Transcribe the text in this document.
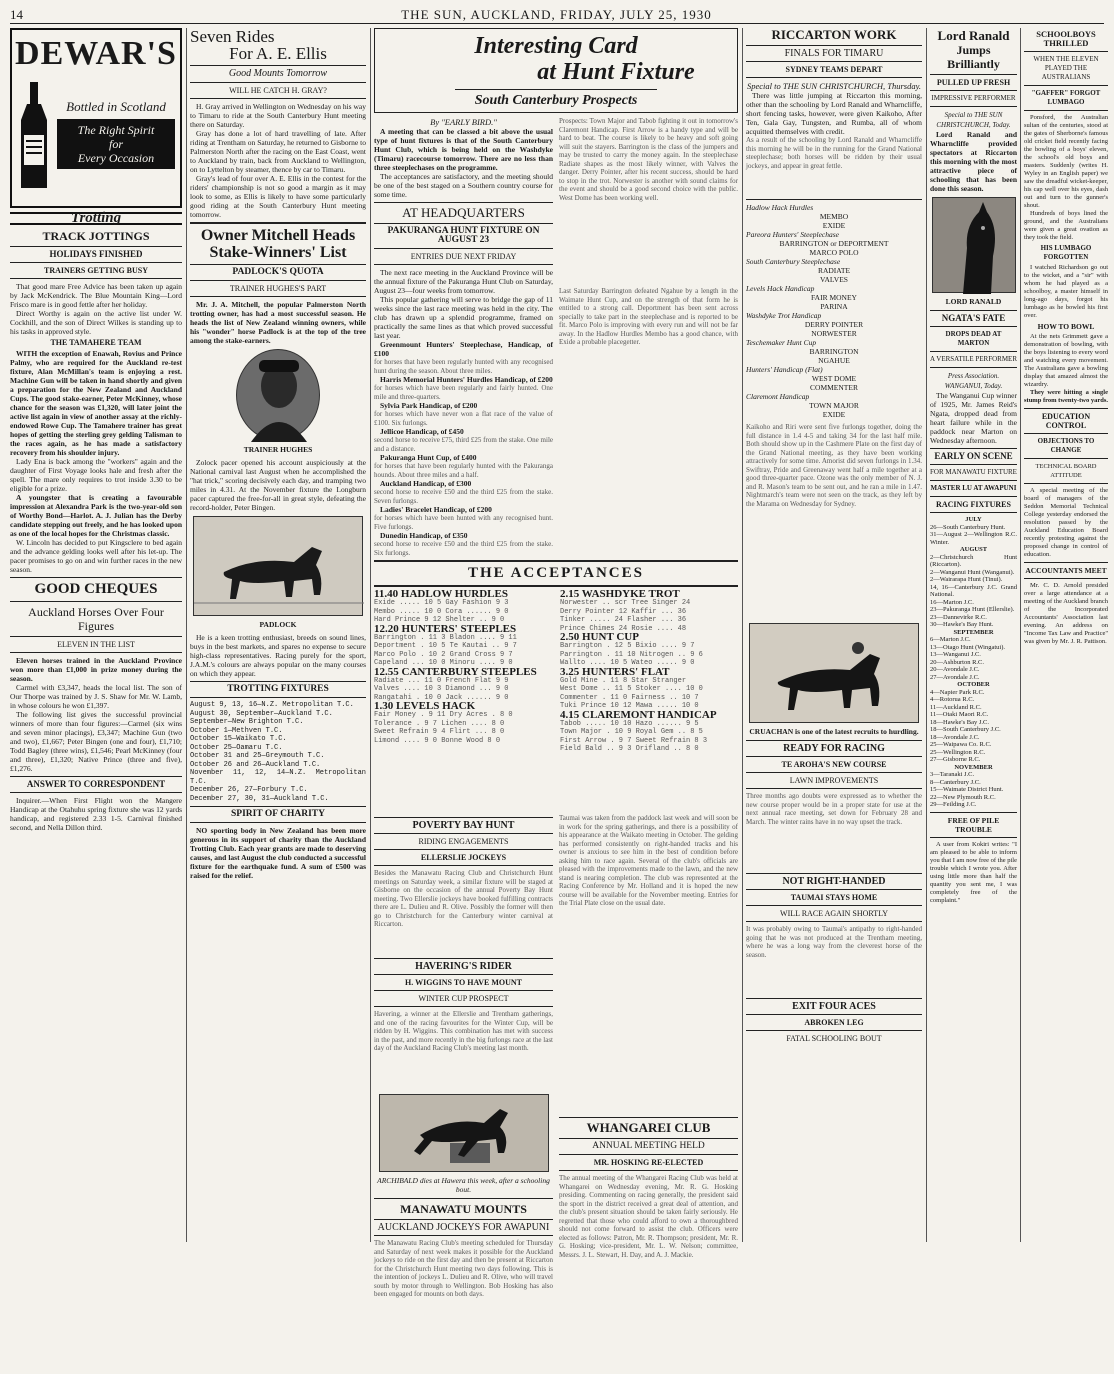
14	THE SUN, AUCKLAND, FRIDAY, JULY 25, 1930
DEWAR'S
Bottled in Scotland
The Right Spirit
for
Every Occasion
Trotting
TRACK JOTTINGS
HOLIDAYS FINISHED
TRAINERS GETTING BUSY

That good mare Free Advice has been taken up again by Jack McKendrick. The Blue Mountain King—Lord Frisco mare is in good fettle after her holiday.

Direct Worthy is again on the active list under W. Cockhill, and the son of Direct Wilkes is standing up to his tasks in approved style.

THE TAMAHERE TEAM

WITH the exception of Enawah, Rovius and Prince Palmy, who are required for the Auckland re-test fixture, Alan McMillan's team is enjoying a rest. Machine Gun will be taken in hand shortly and given a preparation for the New Zealand and Auckland Cups. The good stake-earner, Peter McKinney, whose chance for the season was £1,320, will later joint the active list again in view of another assay at the richly-endowed Rowe Cup. The Tamahere trainer has great hopes of getting the sterling grey gelding Talisman to the races again, as he has made a satisfactory recovery from his shoulder injury.

Lady Ena is back among the "workers" again and the daughter of First Voyage looks hale and fresh after the spell. The mare only requires to trot inside 3.30 to be eligible for a prize.

A youngster that is creating a favourable impression at Alexandra Park is the two-year-old son of Worthy Bond—Harlot. A. J. Julian has the Derby candidate stepping out freely, and he has looked upon as one of the local hopes for the Christmas classic.

W. Lincoln has decided to put Kingsclere to bed again and the advance gelding looks well after his let-up. The pacer promises to go on and win further races in the new season.

GOOD CHEQUES
Auckland Horses Over Four Figures
ELEVEN IN THE LIST

Eleven horses trained in the Auckland Province won more than £1,000 in prize money during the season.

Carmel with £3,347, heads the local list. The son of Our Thorpe was trained by J. S. Shaw for Mr. W. Lamb, in whose colours he won £1,397.

The following list gives the successful provincial winners of more than four figures:—Carmel (six wins and seven minor placings), £3,347; Machine Gun (two and two), £1,667; Peter Bingen (one and four), £1,710; Todd Bagley (three wins), £1,546; Pearl McKinney (four and three), £1,320; Native Prince (three and five), £1,276.

ANSWER TO CORRESPONDENT

Inquirer.—When First Flight won the Mangere Handicap at the Otahuhu spring fixture she was 12 yards handicap, and registered 2.33 1-5. Carnival finished second, and Nella Dillon third.

Seven Rides
For A. E. Ellis
Good Mounts Tomorrow
WILL HE CATCH H. GRAY?

H. Gray arrived in Wellington on Wednesday on his way to Timaru to ride at the South Canterbury Hunt meeting there on Saturday.

Gray has done a lot of hard travelling of late. After riding at Trentham on Saturday, he returned to Gisborne to Palmerston North after the racing on the East Coast, went to Auckland by train, back from Auckland to Wellington, on to Lyttelton by steamer, thence by car to Timaru.

Gray's lead of four over A. E. Ellis in the contest for the riders' championship is not so good a margin as it may look to some, as Ellis is likely to have some particularly good riding at the South Canterbury Hunt meeting tomorrow.

Owner Mitchell Heads Stake-Winners' List
PADLOCK'S QUOTA
TRAINER HUGHES'S PART

Mr. J. A. Mitchell, the popular Palmerston North trotting owner, has had a most successful season. He heads the list of New Zealand winning owners, while his "wonder" horse Padlock is at the top of the tree among the stake-earners.

TRAINER HUGHES

Zolock pacer opened his account auspiciously at the National carnival last August when he accomplished the "hat trick," scoring decisively each day, and tramping two miles in 4.31. At the November fixture the Longburn pacer captured the free-for-all in great style, defeating the record-holder, Peter Bingen.

PADLOCK

He is a keen trotting enthusiast, breeds on sound lines, buys in the best markets, and spares no expense to secure high-class representatives. Racing purely for the sport, J.A.M.'s colours are always popular on the many courses on which they appear.

TROTTING FIXTURES
August 9, 13, 16—N.Z. Metropolitan T.C.
August 30, September—Auckland T.C.
September—New Brighton T.C.
October 1—Methven T.C.
October 15—Waikato T.C.
October 25—Oamaru T.C.
October 31 and 25—Greymouth T.C.
October 26 and 26—Auckland T.C.
November 11, 12, 14—N.Z. Metropolitan T.C.
December 26, 27—Forbury T.C.
December 27, 30, 31—Auckland T.C.
SPIRIT OF CHARITY

NO sporting body in New Zealand has been more generous in its support of charity than the Auckland Trotting Club. Each year grants are made to deserving causes, and last August the club conducted a successful fixture for the earthquake fund. A sum of £500 was raised for the relief.

Interesting Card
at Hunt Fixture
South Canterbury Prospects
By "EARLY BIRD."

A meeting that can be classed a bit above the usual type of hunt fixtures is that of the South Canterbury Hunt Club, which is being held on the Washdyke (Timaru) racecourse tomorrow. There are no less than three steeplechases on the programme.

The acceptances are satisfactory, and the meeting should be one of the best staged on a Southern country course for some time.

AT HEADQUARTERS
PAKURANGA HUNT FIXTURE ON AUGUST 23
ENTRIES DUE NEXT FRIDAY

The next race meeting in the Auckland Province will be the annual fixture of the Pakuranga Hunt Club on Saturday, August 23—four weeks from tomorrow.

This popular gathering will serve to bridge the gap of 11 weeks since the last race meeting was held in the city. The club has drawn up a splendid programme, framed on practically the same lines as that which proved successful last year.

Greenmount Hunters' Steeplechase, Handicap, of £100

for horses that have been regularly hunted with any recognised hunt during the season. About three miles.

Harris Memorial Hunters' Hurdles Handicap, of £200

for horses which have been regularly and fairly hunted. One mile and three-quarters.

Sylvia Park Handicap, of £200

for horses which have never won a flat race of the value of £100. Six furlongs.

Jellicoe Handicap, of £450

second horse to receive £75, third £25 from the stake. One mile and a distance.

Pakuranga Hunt Cup, of £400

for horses that have been regularly hunted with the Pakuranga hounds. About three miles and a half.

Auckland Handicap, of £300

second horse to receive £50 and the third £25 from the stake. Seven furlongs.

Ladies' Bracelet Handicap, of £200

for horses which have been hunted with any recognised hunt. Five furlongs.

Dunedin Handicap, of £350

second horse to receive £50 and the third £25 from the stake. Six furlongs.

Prospects: Town Major and Tabob fighting it out in tomorrow's Claremont Handicap. First Arrow is a handy type and will be hard to beat. The course is likely to be heavy and soft going will suit the stayers. Barrington is the class of the jumpers and may be trusted to carry the money again. In the steeplechase Radiate shapes as the most likely winner, with Valves the danger. Derry Pointer, after his recent success, should be hard to stop in the trot. Norwester is another with sound claims for the event and should be a good second choice with the public. West Dome has been working well.

Last Saturday Barrington defeated Ngahue by a length in the Waimate Hunt Cup, and on the strength of that form he is entitled to a strong call. Deportment has been sent across specially to take part in the steeplechase and is reported to be fit. Marco Polo is improving with every run and will not be far away. In the Hadlow Hurdles Membo has a good chance, with Exide a probable placegetter.

THE ACCEPTANCES
11.40 HADLOW HURDLES
Exide ..... 10 5 Gay Fashion 9 3
Membo ..... 10 0 Cora ...... 9 0
Hard Prince 9 12 Shelter .. 9 0
12.20 HUNTERS' STEEPLES
Barrington . 11 3 Bladon .... 9 11
Deportment . 10 5 Te Kautai .. 9 7
Marco Polo . 10 2 Grand Cross 9 7
Capeland ... 10 0 Minoru .... 9 0
12.55 CANTERBURY STEEPLES
Radiate ... 11 0 French Flat 9 9
Valves .... 10 3 Diamond ... 9 0
Rangatahi . 10 0 Jack ...... 9 0
1.30 LEVELS HACK
Fair Money . 9 11 Dry Acres . 8 0
Tolerance . 9 7 Lichen .... 8 0
Sweet Refrain 9 4 Flirt ... 8 0
Limond .... 9 0 Bonne Wood 8 0
2.15 WASHDYKE TROT
Norwester .. scr Tree Singer 24
Derry Pointer 12 Kaffir ... 36
Tinker ..... 24 Flasher ... 36
Prince Chimes 24 Rosie .... 48
2.50 HUNT CUP
Barrington . 12 5 Bixio .... 9 7
Parrington . 11 10 Nitrogen .. 9 6
Wallto .... 10 5 Wateo ..... 9 0
3.25 HUNTERS' FLAT
Gold Mine . 11 8 Star Stranger
West Dome .. 11 5 Stoker .... 10 0
Commenter . 11 0 Fairness .. 10 7
Tuki Prince 10 12 Mawa ..... 10 0
4.15 CLAREMONT HANDICAP
Tabob ..... 10 10 Hazo ...... 9 5
Town Major . 10 9 Royal Gem .. 8 5
First Arrow . 9 7 Sweet Refrain 8 3
Field Bald .. 9 3 Orifland .. 8 0
POVERTY BAY HUNT
RIDING ENGAGEMENTS
ELLERSLIE JOCKEYS

Besides the Manawatu Racing Club and Christchurch Hunt meetings on Saturday week, a similar fixture will be staged at Gisborne on the occasion of the annual Poverty Bay Hunt meeting. Two Ellerslie jockeys have booked fulfilling contracts there are L. Dulieu and R. Olive. Possibly the former will then go to Christchurch for the Canterbury winter carnival at Riccarton.

HAVERING'S RIDER
H. WIGGINS TO HAVE MOUNT
WINTER CUP PROSPECT

Havering, a winner at the Ellerslie and Trentham gatherings, and one of the racing favourites for the Winter Cup, will be ridden by H. Wiggins. This combination has met with success in the past, and more recently in the big furlongs race at the last day of the Auckland Racing Club's meeting last month.

ARCHIBALD dies at Hawera this week, after a schooling bout.
MANAWATU MOUNTS
AUCKLAND JOCKEYS FOR AWAPUNI

The Manawatu Racing Club's meeting scheduled for Thursday and Saturday of next week makes it possible for the Auckland jockeys to ride on the first day and then be present at Riccarton for the Christchurch Hunt meeting two days following. This is the intention of jockeys L. Dulieu and R. Olive, who will travel south by motor through to Wellington. Bob Hosking has also been engaged for mounts on both days.

Taumai was taken from the paddock last week and will soon be in work for the spring gatherings, and there is a possibility of his appearance at the Waikato meeting in October. The gelding has performed consistently on right-handed tracks and his owner is anxious to see him in the best of condition before asking him to race again. Several of the club's officials are pleased with the improvements made to the lawn, and the new stand is nearing completion. The club was represented at the Racing Conference by Mr. Holland and it is hoped the new course will be available for the November meeting. Entries for the Trial Plate close on the usual date.

WHANGAREI CLUB
ANNUAL MEETING HELD
MR. HOSKING RE-ELECTED

The annual meeting of the Whangarei Racing Club was held at Whangarei on Wednesday evening, Mr. R. G. Hosking presiding. Commenting on racing generally, the president said the sport in the district received a great deal of attention, and the club's present situation should be taken fairly seriously. He regretted that those who could afford to own a thoroughbred should not come forward to assist the club. Officers were elected as follows: Patron, Mr. R. Thompson; president, Mr. R. G. Hosking; vice-president, Mr. L. W. Nelson; committee, Messrs. J. L. Stewart, H. Day, and A. J. Mackie.

RICCARTON WORK
FINALS FOR TIMARU
SYDNEY TEAMS DEPART
Special to THE SUN CHRISTCHURCH, Thursday.

There was little jumping at Riccarton this morning, other than the schooling by Lord Ranald and Wharncliffe, short fencing tasks, however, were given Kaikoho, After Ten, Gala Gay, Tungsten, and Rumba, all of whom acquitted themselves with credit.

As a result of the schooling by Lord Ranald and Wharncliffe this morning he will be in the running for the Grand National steeplechase; both horses will be ridden by their usual jockeys, and appear in great fettle.

Hadlow Hack Hurdles
MEMBO
EXIDE
Pareora Hunters' Steeplechase
BARRINGTON or DEPORTMENT
MARCO POLO
South Canterbury Steeplechase
RADIATE
VALVES
Levels Hack Handicap
FAIR MONEY
PARINA
Washdyke Trot Handicap
DERRY POINTER
NORWESTER
Teschemaker Hunt Cup
BARRINGTON
NGAHUE
Hunters' Handicap (Flat)
WEST DOME
COMMENTER
Claremont Handicap
TOWN MAJOR
EXIDE

Kaikoho and Riri were sent five furlongs together, doing the full distance in 1.4 4-5 and taking 34 for the last half mile. Both should show up in the Cashmere Plate on the first day of the Grand National meeting, as they have been working attractively for some time. Amorist did seven furlongs in 1.34. Swiftray, Pride and Greenaway went half a mile together at a good three-quarter pace. Ozone was the only member of N. J. and R. Mason's team to be sent out, and he ran a mile in 1.47. Nightmarch's team were not seen on the track, as they left by the Marama on Wednesday for Sydney.

CRUACHAN is one of the latest recruits to hurdling.
READY FOR RACING
TE AROHA'S NEW COURSE
LAWN IMPROVEMENTS

Three months ago doubts were expressed as to whether the new course proper would be in a proper state for use at the next annual race meeting, set down for February 28 and March. The winter rains have in no way upset the track.

NOT RIGHT-HANDED
TAUMAI STAYS HOME
WILL RACE AGAIN SHORTLY

It was probably owing to Taumai's antipathy to right-handed going that he was not produced at the Trentham meeting, where he was a long way from the cleverest horse of the season.

EXIT FOUR ACES
ABROKEN LEG
FATAL SCHOOLING BOUT
Lord Ranald
Jumps Brilliantly
PULLED UP FRESH
IMPRESSIVE PERFORMER
Special to THE SUN CHRISTCHURCH, Today.

Lord Ranald and Wharncliffe provided spectators at Riccarton this morning with the most attractive piece of schooling that has been done this season.

LORD RANALD
NGATA'S FATE
DROPS DEAD AT MARTON
A VERSATILE PERFORMER
Press Association. WANGANUI, Today.

The Wanganui Cup winner of 1925, Mr. James Reid's Ngata, dropped dead from heart failure while in the paddock near Marton on Wednesday afternoon.

EARLY ON SCENE
FOR MANAWATU FIXTURE
MASTER LU AT AWAPUNI
RACING FIXTURES
JULY
26—South Canterbury Hunt.
31—August 2—Wellington R.C. Winter.
AUGUST
2—Christchurch Hunt (Riccarton).
2—Wanganui Hunt (Wanganui).
2—Wairarapa Hunt (Tinui).
14, 16—Canterbury J.C. Grand National.
16—Marton J.C.
23—Pakuranga Hunt (Ellerslie).
23—Dannevirke R.C.
30—Hawke's Bay Hunt.
SEPTEMBER
6—Marton J.C.
13—Otago Hunt (Wingatui).
13—Wanganui J.C.
20—Ashburton R.C.
20—Avondale J.C.
27—Avondale J.C.
OCTOBER
4—Napier Park R.C.
4—Rotorua R.C.
11—Auckland R.C.
11—Otaki Maori R.C.
18—Hawke's Bay J.C.
18—South Canterbury J.C.
18—Avondale J.C.
25—Waipawa Co. R.C.
25—Wellington R.C.
27—Gisborne R.C.
NOVEMBER
3—Taranaki J.C.
8—Canterbury J.C.
15—Waimate District Hunt.
22—New Plymouth R.C.
29—Feilding J.C.
FREE OF PILE TROUBLE

A user from Kokiri writes: "I am pleased to be able to inform you that I am now free of the pile trouble which I wrote you. After using little more than half the quantity you sent me, I was completely free of the complaint."

SCHOOLBOYS THRILLED
WHEN THE ELEVEN PLAYED THE AUSTRALIANS
"GAFFER" FORGOT LUMBAGO

Ponsford, the Australian sultan of the centuries, stood at the gates of Sherborne's famous old cricket field recently facing the bowling of a boys' eleven, the school's old boys and masters. Suddenly (writes H. Wyley in an English paper) we saw the dreadful wicket-keeper, his cap well over his eyes, dash out and turn to the gunner's shout.

Hundreds of boys lined the ground, and the Australians were given a great ovation as they took the field.

HIS LUMBAGO FORGOTTEN

I watched Richardson go out to the wicket, and a "sir" with whom he had played as a schoolboy, a master himself in long-ago days, forgot his lumbago as he bowled his first over.

HOW TO BOWL

At the nets Grimmett gave a demonstration of bowling, with the boys listening to every word and watching every movement. The Australians gave a bowling display that amazed almost the wizardry.

They were hitting a single stump from twenty-two yards.

EDUCATION CONTROL
OBJECTIONS TO CHANGE
TECHNICAL BOARD ATTITUDE

A special meeting of the board of managers of the Seddon Memorial Technical College yesterday endorsed the resolution passed by the Auckland Education Board recently protesting against the proposed change in control of education.

ACCOUNTANTS MEET

Mr. C. D. Arnold presided over a large attendance at a meeting of the Auckland branch of the Incorporated Accountants' Association last evening. An address on "Income Tax Law and Practice" was given by Mr. J. R. Pattison.
